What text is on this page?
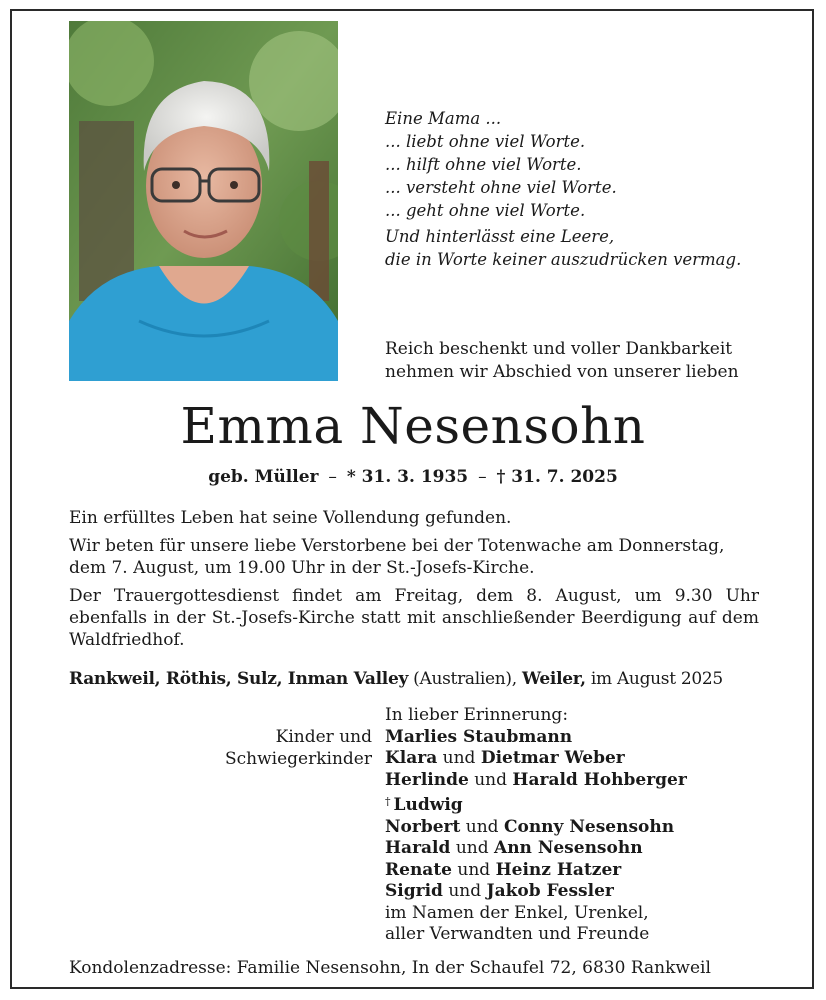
Eine Mama ...
... liebt ohne viel Worte.
... hilft ohne viel Worte.
... versteht ohne viel Worte.
... geht ohne viel Worte.
Und hinterlässt eine Leere,
die in Worte keiner auszudrücken vermag.
Reich beschenkt und voller Dankbarkeit
nehmen wir Abschied von unserer lieben
Emma Nesensohn
geb. Müller – * 31. 3. 1935 – † 31. 7. 2025
Ein erfülltes Leben hat seine Vollendung gefunden.
Wir beten für unsere liebe Verstorbene bei der Totenwache am Donnerstag, dem 7. August, um 19.00 Uhr in der St.-Josefs-Kirche.
Der Trauergottesdienst findet am Freitag, dem 8. August, um 9.30 Uhr ebenfalls in der St.-Josefs-Kirche statt mit anschließender Beerdigung auf dem Waldfriedhof.
Rankweil, Röthis, Sulz, Inman Valley (Australien), Weiler, im August 2025
Kinder und
Schwiegerkinder
In lieber Erinnerung:
Marlies Staubmann
Klara und Dietmar Weber
Herlinde und Harald Hohberger
† Ludwig
Norbert und Conny Nesensohn
Harald und Ann Nesensohn
Renate und Heinz Hatzer
Sigrid und Jakob Fessler
im Namen der Enkel, Urenkel,
aller Verwandten und Freunde
Kondolenzadresse: Familie Nesensohn, In der Schaufel 72, 6830 Rankweil
